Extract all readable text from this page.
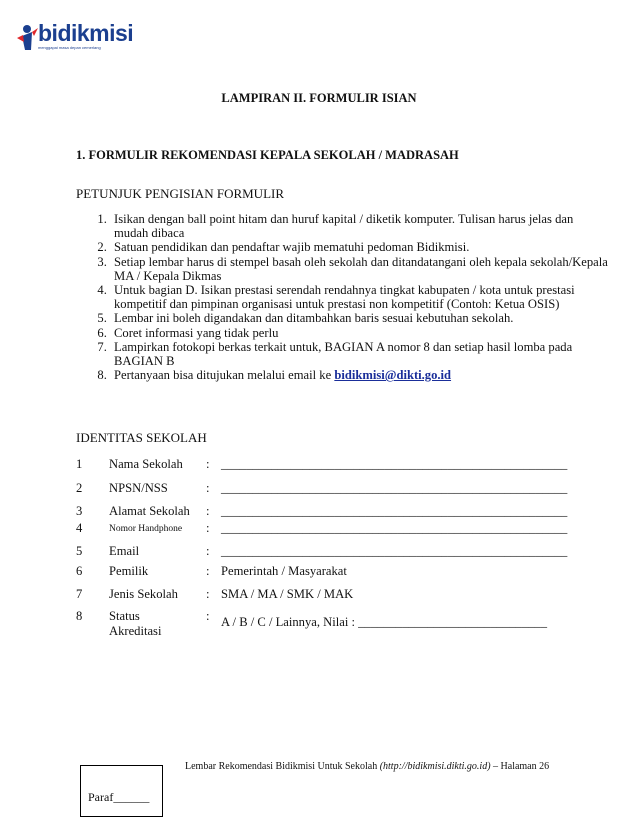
bidikmisi
menggapai masa depan cemerlang
LAMPIRAN II. FORMULIR ISIAN
1. FORMULIR REKOMENDASI KEPALA SEKOLAH / MADRASAH
PETUNJUK PENGISIAN FORMULIR
1. Isikan dengan ball point hitam dan huruf kapital / diketik komputer. Tulisan harus jelas dan mudah dibaca
2. Satuan pendidikan dan pendaftar wajib mematuhi pedoman Bidikmisi.
3. Setiap lembar harus di stempel basah oleh sekolah dan ditandatangani oleh kepala sekolah/Kepala MA / Kepala Dikmas
4. Untuk bagian D. Isikan prestasi serendah rendahnya tingkat kabupaten / kota untuk prestasi kompetitif dan pimpinan organisasi untuk prestasi non kompetitif (Contoh: Ketua OSIS)
5. Lembar ini boleh digandakan dan ditambahkan baris sesuai kebutuhan sekolah.
6. Coret informasi yang tidak perlu
7. Lampirkan fotokopi berkas terkait untuk, BAGIAN A nomor 8 dan setiap hasil lomba pada BAGIAN B
8. Pertanyaan bisa ditujukan melalui email ke bidikmisi@dikti.go.id
IDENTITAS SEKOLAH
1 Nama Sekolah : _______________________________________________________
2 NPSN/NSS	: _______________________________________________________
3 Alamat Sekolah : _______________________________________________________
4	Nomor Handphone : _______________________________________________________
5 Email	: _______________________________________________________
6 Pemilik	: Pemerintah / Masyarakat
7 Jenis Sekolah : SMA / MA / SMK / MAK
8 Status
Akreditasi
: A / B / C / Lainnya, Nilai : ______________________________
Lembar Rekomendasi Bidikmisi Untuk Sekolah (http://bidikmisi.dikti.go.id) – Halaman 26
Paraf______
